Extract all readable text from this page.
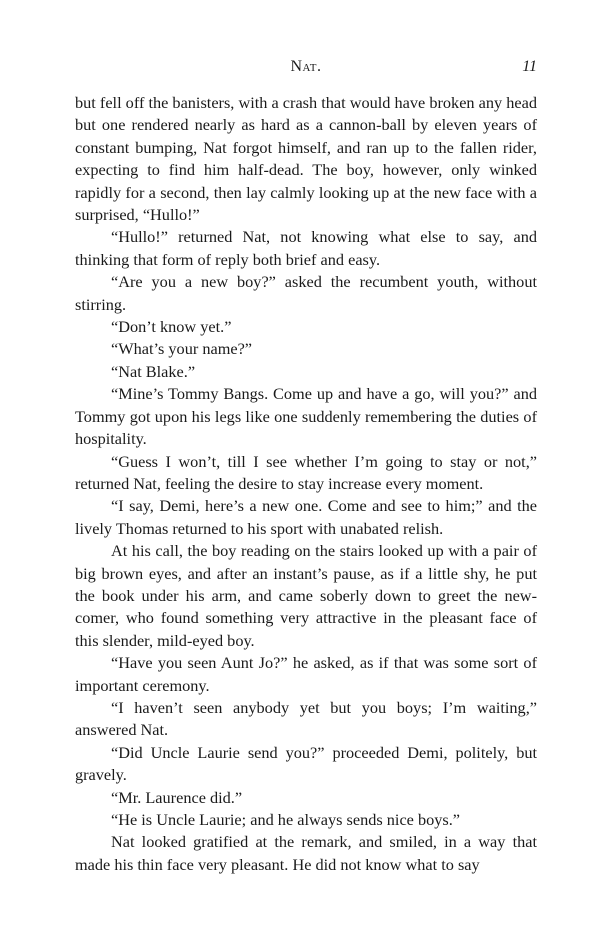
Nat.	11

but fell off the banisters, with a crash that would have broken any head but one rendered nearly as hard as a cannon-ball by eleven years of constant bumping, Nat forgot himself, and ran up to the fallen rider, expecting to find him half-dead. The boy, however, only winked rapidly for a second, then lay calmly looking up at the new face with a surprised, “Hullo!”

“Hullo!” returned Nat, not knowing what else to say, and thinking that form of reply both brief and easy.

“Are you a new boy?” asked the recumbent youth, without stirring.

“Don’t know yet.”

“What’s your name?”

“Nat Blake.”

“Mine’s Tommy Bangs. Come up and have a go, will you?” and Tommy got upon his legs like one suddenly remembering the duties of hospitality.

“Guess I won’t, till I see whether I’m going to stay or not,” returned Nat, feeling the desire to stay increase every moment.

“I say, Demi, here’s a new one. Come and see to him;” and the lively Thomas returned to his sport with unabated relish.

At his call, the boy reading on the stairs looked up with a pair of big brown eyes, and after an instant’s pause, as if a little shy, he put the book under his arm, and came soberly down to greet the new-comer, who found something very attractive in the pleasant face of this slender, mild-eyed boy.

“Have you seen Aunt Jo?” he asked, as if that was some sort of important ceremony.

“I haven’t seen anybody yet but you boys; I’m waiting,” answered Nat.

“Did Uncle Laurie send you?” proceeded Demi, politely, but gravely.

“Mr. Laurence did.”

“He is Uncle Laurie; and he always sends nice boys.”

Nat looked gratified at the remark, and smiled, in a way that made his thin face very pleasant. He did not know what to say
